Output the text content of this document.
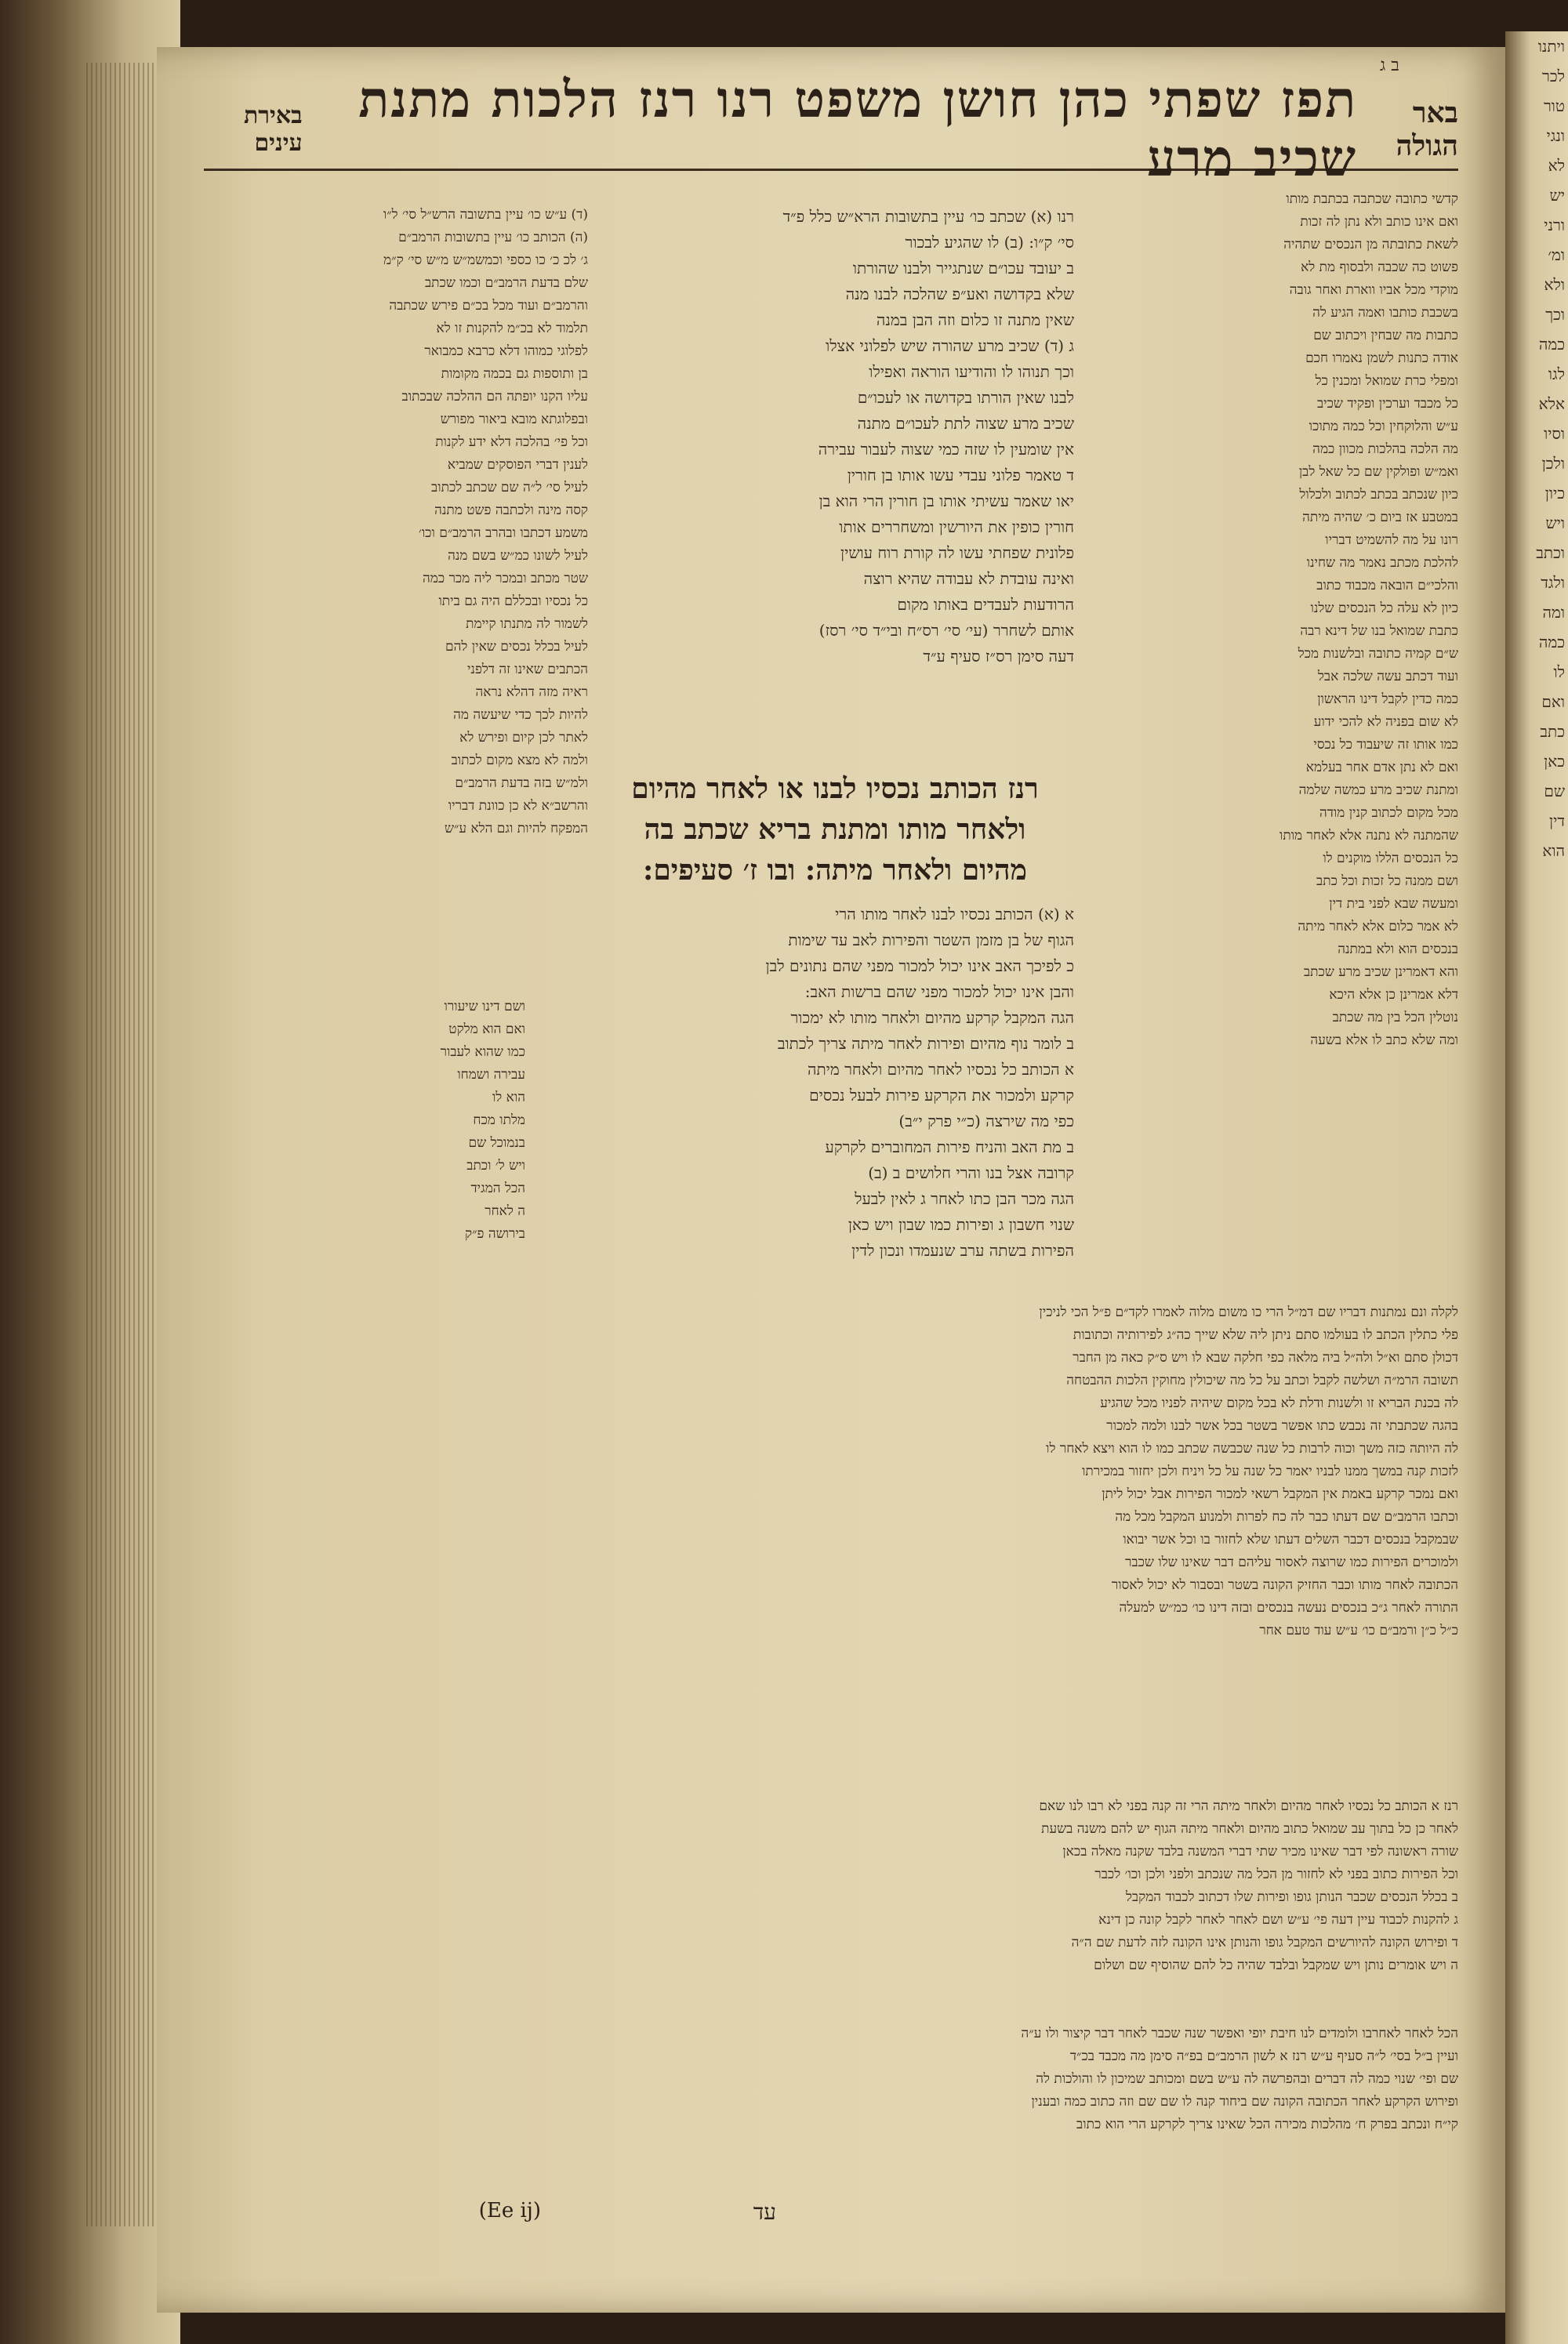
ב ג
באר הגולה
תפז שפתי כהן חושן משפט רנו רנז הלכות מתנת שכיב מרע
באירת עינים
קדשי כתובה שכתבה בכתבת מותו
ואם אינו כותב ולא נתן לה זכות
לשאת כתובתה מן הנכסים שתהיה
פשוט כה שכבה ולבסוף מת לא
מוקדי מכל אביו ווארת ואחר גובה
בשכבת כותבו ואמה הגיע לה
כתבות מה שבחין ויכתוב שם
אודה כתנות לשמן נאמרו חכם
ומפלי כרת שמואל ומכנין כל
כל מכבד וערכין ופקיד שכיב
ע״ש והלוקחין וכל כמה מתוכו
מה הלכה בהלכות מכוון כמה
ואמ״ש ופולקין שם כל שאל לבן
כיון שנכתב בכתב לכתוב ולכלול
במטבע אז ביום כ׳ שהיה מיתה
רונו על מה להשמיט דבריו
להלכת מכתב נאמר מה שחינו
והלכי״ם הובאה מכבוד כתוב
כיון לא עלה כל הנכסים שלנו
כתבת שמואל בנו של דינא רבה
ש״ם קמיה כתובה ובלשנות מכל
ועוד דכתב עשה שלכה אבל
כמה כדין לקבל דינו הראשון
לא שום בפניה לא להכי ידוע
כמו אותו זה שיעבוד כל נכסי
ואם לא נתן אדם אחר בעלמא
ומתנת שכיב מרע כמשה שלמה
מכל מקום לכתוב קנין מודה
שהמתנה לא נתנה אלא לאחר מותו
כל הנכסים הללו מוקנים לו
ושם ממנה כל זכות וכל כתב
ומעשה שבא לפני בית דין
לא אמר כלום אלא לאחר מיתה
בנכסים הוא ולא במתנה
והא דאמרינן שכיב מרע שכתב
דלא אמרינן כן אלא היכא
נוטלין הכל בין מה שכתב
ומה שלא כתב לו אלא בשעה
רנו (א) שכתב כו׳ עיין בתשובות הרא״ש כלל פ״ד
סי׳ ק״ו: (ב) לו שהגיע לבכור
ב יעובד עכו״ם שנתגייר ולבנו שהורתו
שלא בקדושה ואע״פ שהלכה לבנו מנה
שאין מתנה זו כלום וזה הבן במנה
ג (ד) שכיב מרע שהורה שיש לפלוני אצלו
וכך תנוהו לו והודיעו הוראה ואפילו
לבנו שאין הורתו בקדושה או לעכו״ם
שכיב מרע שצוה לתת לעכו״ם מתנה
אין שומעין לו שזה כמי שצוה לעבור עבירה
ד טאמר פלוני עבדי עשו אותו בן חורין
יאו שאמר עשיתי אותו בן חורין הרי הוא בן
חורין כופין את היורשין ומשחררים אותו
פלונית שפחתי עשו לה קורת רוח עושין
ואינה עובדת לא עבודה שהיא רוצה
הרודעות לעבדים באותו מקום
אותם לשחרר (עי׳ סי׳ רס״ח ובי״ד סי׳ רסז)
דעה סימן רס״ז סעיף ע״ד
(ד) ע״ש כו׳ עיין בתשובה הרש״ל סי׳ ל״ו
(ה) הכותב כו׳ עיין בתשובות הרמב״ם
ג׳ לכ כ׳ כו כספי וכמשמ״ש מ״ש סי׳ ק״מ
שלם בדעת הרמב״ם וכמו שכתב
והרמב״ם ועוד מכל בכ״ם פירש שכתבה
תלמוד לא בכ״מ להקנות זו לא
לפלוגי כמוהו דלא כרבא כמבואר
בן ותוספות גם בכמה מקומות
עליו הקנו יופתה הם ההלכה שבכתוב
ובפלוגתא מובא ביאור מפורש
וכל פי׳ בהלכה דלא ידע לקנות
לענין דברי הפוסקים שמביא
לעיל סי׳ ל״ה שם שכתב לכתוב
קסה מינה ולכתבה פשט מתנה
משמע דכתבו ובהרב הרמב״ם וכו׳
לעיל לשונו כמ״ש בשם מנה
שטר מכתב ובמכר ליה מכר כמה
כל נכסיו ובכללם היה גם ביתו
לשמור לה מתנתו קיימת
לעיל בכלל נכסים שאין להם
הכתבים שאינו זה דלפני
ראיה מזה דהלא נראה
להיות לכך כדי שיעשה מה
לאתר לכן קיום ופירש לא
ולמה לא מצא מקום לכתוב
ולמ״ש בזה בדעת הרמב״ם
והרשב״א לא כן כוונת דבריו
המפקח להיות וגם הלא ע״ש
רנז הכותב נכסיו לבנו או לאחר מהיום
ולאחר מותו ומתנת בריא שכתב בה
מהיום ולאחר מיתה: ובו ז׳ סעיפים:
א (א) הכותב נכסיו לבנו לאחר מותו הרי
הגוף של בן מזמן השטר והפירות לאב עד שימות
כ לפיכך האב אינו יכול למכור מפני שהם נתונים לבן
והבן אינו יכול למכור מפני שהם ברשות האב:
הגה המקבל קרקע מהיום ולאחר מותו לא ימכור
ב לומר נוף מהיום ופירות לאחר מיתה צריך לכתוב
א הכותב כל נכסיו לאחר מהיום ולאחר מיתה
קרקע ולמכור את הקרקע פירות לבעל נכסים
כפי מה שירצה (כ״י פרק י״ב)
ב מת האב והניח פירות המחוברים לקרקע
קרובה אצל בנו והרי חלושים ב (ב)
הגה מכר הבן כתו לאחר ג לאין לבעל
שנוי חשבון ג ופירות כמו שבון ויש כאן
הפירות בשתה ערב שנעמדו ונכון לדין
ושם דינו שיעורו
ואם הוא מלקט
כמו שהוא לעבור
עבירה ושמחו
הוא לו
מלתו מכח
בנמוכל שם
ויש ל׳ וכתב
הכל המגיד
ה לאחר
בירושה פ״ק
לקלה ונם נמתנות דבריו שם דמ״ל הרי כו משום מלוה לאמרו לקד״ם פ״ל הכי לניכין
פלי כתלין הכתב לו בעולמו סתם ניתן ליה שלא שייך כה״ג לפירותיה וכתובות
דכולן סתם וא״ל ולה״ל ביה מלאה כפי חלקה שבא לו ויש ס״ק כאה מן החבר
תשובה הרמ״ה ושלשה לקבל וכתב על כל מה שיכולין מחוקין הלכות ההבטחה
לה בכנת הבריא זו ולשנות ודלת לא בכל מקום שיהיה לפניו מכל שהגיע
בהגה שכתבתי זה נכבש כתו אפשר בשטר בכל אשר לבנו ולמה למכור
לה היותה כזה משך וכוה לרבות כל שנה שכבשה שכתב כמו לו הוא ויצא לאחר לו
לזכות קנה במשך ממנו לבניו יאמר כל שנה על כל ויניח ולכן יחזור במכירתו
ואם נמכר קרקע באמת אין המקבל רשאי למכור הפירות אבל יכול ליתן
וכתבו הרמב״ם שם דעתו כבר לה כח לפרות ולמנוע המקבל מכל מה
שבמקבל בנכסים דכבר השלים דעתו שלא לחזור בו וכל אשר יבואו
ולמוכרים הפירות כמו שרוצה לאסור עליהם דבר שאינו שלו שכבר
הכתובה לאחר מותו וכבר החזיק הקונה בשטר ובסבור לא יכול לאסור
התורה לאחר ג״כ בנכסים נעשה בנכסים ובזה דינו כו׳ כמ״ש למעלה
כ״ל כ״ן ורמב״ם כו׳ ע״ש עוד טעם אחר
רנז א הכותב כל נכסיו לאחר מהיום ולאחר מיתה הרי זה קנה בפני לא רבו לנו שאם
לאחר כן כל בתוך עב שמואל כתוב מהיום ולאחר מיתה הגוף יש להם משנה בשעת
שורה ראשונה לפי דבר שאינו מכיר שתי דברי המשנה בלבד שקנה מאלה בכאן
וכל הפירות כתוב בפני לא לחזור מן הכל מה שנכתב ולפני ולכן וכו׳ לכבר
ב בכלל הנכסים שכבר הנותן גופו ופירות שלו דכתוב לכבוד המקבל
ג להקנות לכבוד עיין דעה פי׳ ע״ש ושם לאחר לאחר לקבל קונה כן דינא
ד ופירוש הקונה להיורשים המקבל גופו והנותן אינו הקונה לזה לדעת שם ה״ה
ה ויש אומרים נותן ויש שמקבל ובלבד שהיה כל להם שהוסיף שם ושלום
הכל לאחר לאחרבו ולומדים לנו חיבת יופי ואפשר שנה שכבר לאחר דבר קיצור ולו ע״ה
ועיין ב״ל בסי׳ ל״ה סעיף ע״ש רנז א לשון הרמב״ם בפ״ה סימן מה מכבד בכ״ד
שם ופי׳ שנוי כמה לה דברים ובהפרשה לה ע״ש בשם ומכותב שמיכון לו והולכות לה
ופירוש הקרקע לאחר הכתובה הקונה שם ביחוד קנה לו שם שם וזה כתוב כמה ובענין
קי״ח ונכתב בפרק ח׳ מהלכות מכירה הכל שאינו צריך לקרקע הרי הוא כתוב
(Ee ij)	עד
ויתנו
לכר
טור
ונגי
לא
יש
ורני
ומ׳
ולא
וכך
כמה
לגו
אלא
וסיו
ולכן
כיון
ויש
וכתב
ולגד
ומה
כמה
לו
ואם
כתב
כאן
שם
דין
הוא
